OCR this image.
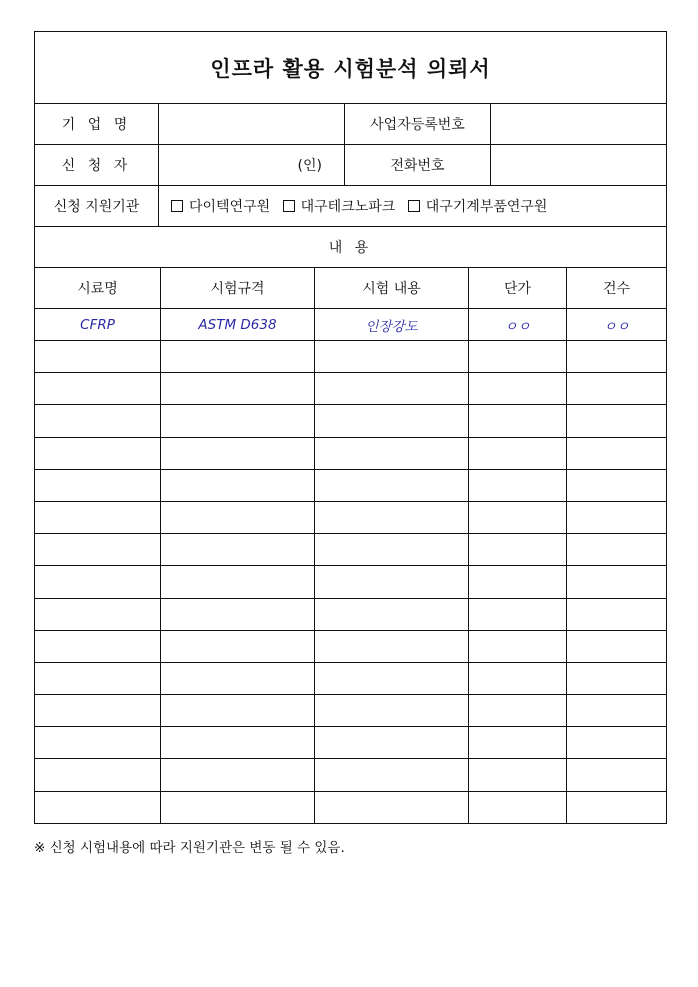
인프라 활용 시험분석 의뢰서			
기 업 명		사업자등록번호	
신 청 자	(인)	전화번호	
신청 지원기관	다이텍연구원 대구테크노파크 대구기계부품연구원		
내 용			
시료명	시험규격	시험 내용	단가	건수
CFRP	ASTM D638	인장강도	ㅇㅇ	ㅇㅇ

※ 신청 시험내용에 따라 지원기관은 변동 될 수 있음.
